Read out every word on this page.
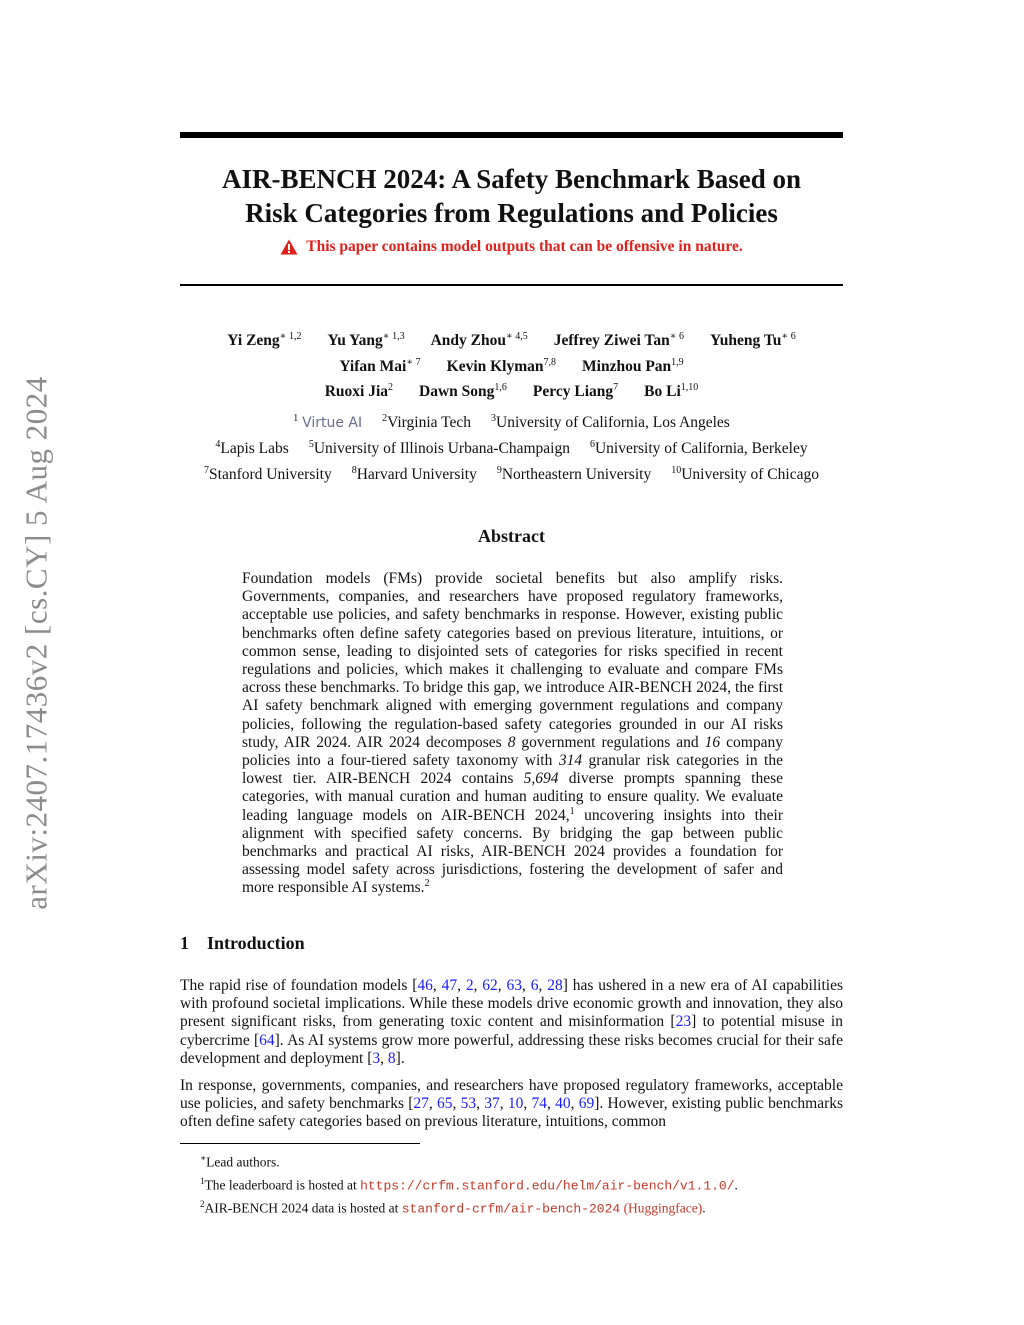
arXiv:2407.17436v2 [cs.CY] 5 Aug 2024
AIR-BENCH 2024: A Safety Benchmark Based on
Risk Categories from Regulations and Policies
This paper contains model outputs that can be offensive in nature.
Yi Zeng$^{∗ 1,2}$ Yu Yang$^{∗ 1,3}$ Andy Zhou$^{∗ 4,5}$ Jeffrey Ziwei Tan$^{∗ 6}$ Yuheng $Tu^{∗ 6}$
Yifan Mai$^{∗ 7}$ Kevin Klyman$^{7,8}$ Minzhou Pan$^{1,9}$
Ruoxi Jia$^2$ Dawn Song$^{1,6}$ Percy Liang$^7$ Bo Li$^{1,10}$
$^1$ Virtue AI $^2$Virginia Tech $^3$University of California, Los Angeles
$^4$Lapis Labs $^5$University of Illinois Urbana-Champaign $^6$University of California, Berkeley
$^7$Stanford University $^8$Harvard University $^9$Northeastern University $^{10}$University of Chicago
Abstract

Foundation models (FMs) provide societal benefits but also amplify risks. Governments, companies, and researchers have proposed regulatory frameworks, acceptable use policies, and safety benchmarks in response. However, existing public benchmarks often define safety categories based on previous literature, intuitions, or common sense, leading to disjointed sets of categories for risks specified in recent regulations and policies, which makes it challenging to evaluate and compare FMs across these benchmarks. To bridge this gap, we introduce AIR-BENCH 2024, the first AI safety benchmark aligned with emerging government regulations and company policies, following the regulation-based safety categories grounded in our AI risks study, AIR 2024. AIR 2024 decomposes 8 government regulations and 16 company policies into a four-tiered safety taxonomy with 314 granular risk categories in the lowest tier. AIR-BENCH 2024 contains 5,694 diverse prompts spanning these categories, with manual curation and human auditing to ensure quality. We evaluate leading language models on AIR-BENCH 2024,$^1$ uncovering insights into their alignment with specified safety concerns. By bridging the gap between public benchmarks and practical AI risks, AIR-BENCH 2024 provides a foundation for assessing model safety across jurisdictions, fostering the development of safer and more responsible AI systems.$^2$

1 Introduction

The rapid rise of foundation models [46, 47, 2, 62, 63, 6, 28] has ushered in a new era of AI capabilities with profound societal implications. While these models drive economic growth and innovation, they also present significant risks, from generating toxic content and misinformation [23] to potential misuse in cybercrime [64]. As AI systems grow more powerful, addressing these risks becomes crucial for their safe development and deployment [3, 8].

In response, governments, companies, and researchers have proposed regulatory frameworks, acceptable use policies, and safety benchmarks [27, 65, 53, 37, 10, 74, 40, 69]. However, existing public benchmarks often define safety categories based on previous literature, intuitions, common

∗Lead authors.
$^1$The leaderboard is hosted at https://crfm.stanford.edu/helm/air-bench/v1.1.0/.
$^2$AIR-BENCH 2024 data is hosted at stanford-crfm/air-bench-2024 (Huggingface).
